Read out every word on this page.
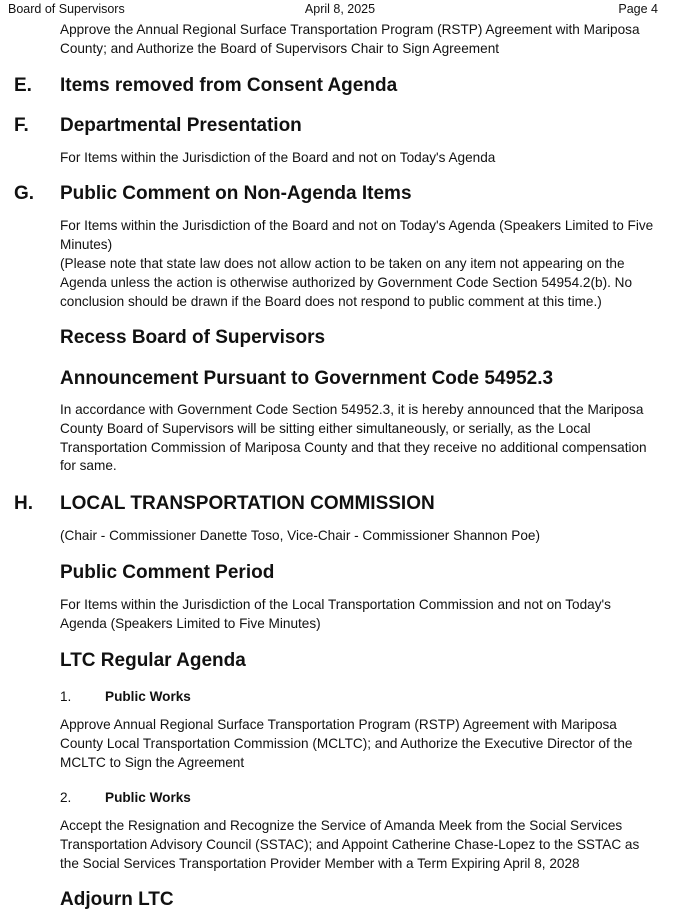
Board of Supervisors	April 8, 2025	Page 4

Approve the Annual Regional Surface Transportation Program (RSTP) Agreement with Mariposa County; and Authorize the Board of Supervisors Chair to Sign Agreement

E. Items removed from Consent Agenda
F. Departmental Presentation

For Items within the Jurisdiction of the Board and not on Today's Agenda

G. Public Comment on Non-Agenda Items

For Items within the Jurisdiction of the Board and not on Today's Agenda (Speakers Limited to Five Minutes)

(Please note that state law does not allow action to be taken on any item not appearing on the Agenda unless the action is otherwise authorized by Government Code Section 54954.2(b). No conclusion should be drawn if the Board does not respond to public comment at this time.)

Recess Board of Supervisors
Announcement Pursuant to Government Code 54952.3

In accordance with Government Code Section 54952.3, it is hereby announced that the Mariposa County Board of Supervisors will be sitting either simultaneously, or serially, as the Local Transportation Commission of Mariposa County and that they receive no additional compensation for same.

H. LOCAL TRANSPORTATION COMMISSION

(Chair - Commissioner Danette Toso, Vice-Chair - Commissioner Shannon Poe)

Public Comment Period

For Items within the Jurisdiction of the Local Transportation Commission and not on Today's Agenda (Speakers Limited to Five Minutes)

LTC Regular Agenda
1. Public Works

Approve Annual Regional Surface Transportation Program (RSTP) Agreement with Mariposa County Local Transportation Commission (MCLTC); and Authorize the Executive Director of the MCLTC to Sign the Agreement

2. Public Works

Accept the Resignation and Recognize the Service of Amanda Meek from the Social Services Transportation Advisory Council (SSTAC); and Appoint Catherine Chase-Lopez to the SSTAC as the Social Services Transportation Provider Member with a Term Expiring April 8, 2028

Adjourn LTC
